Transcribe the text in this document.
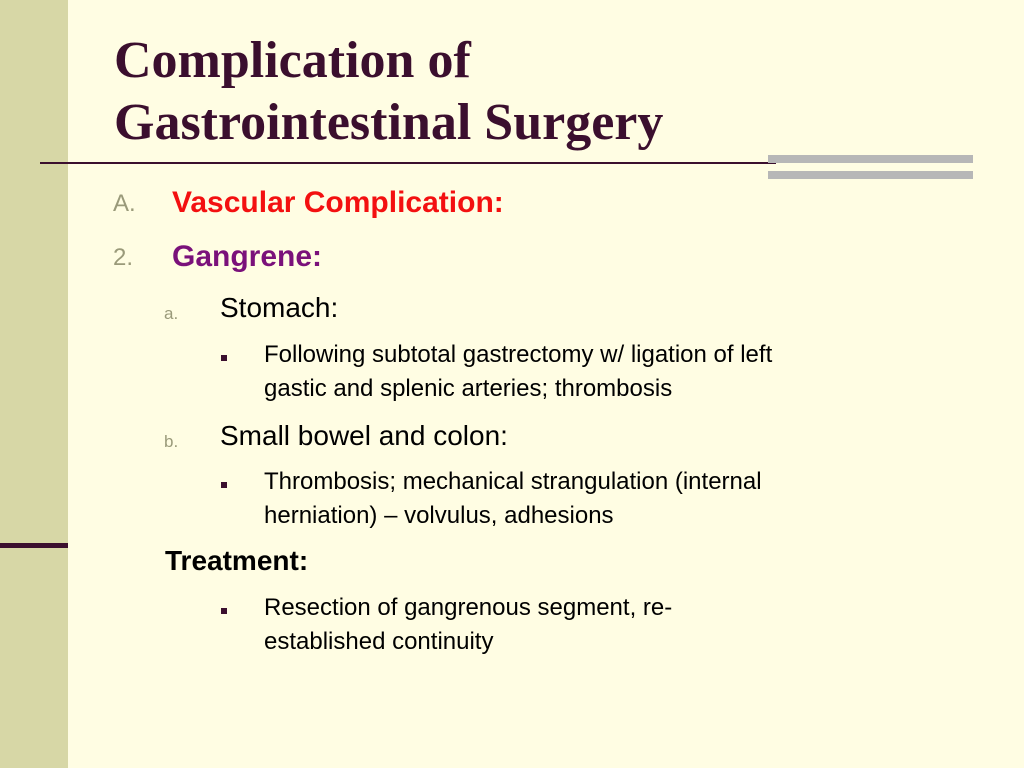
Complication of
Gastrointestinal Surgery
A. Vascular Complication:
2. Gangrene:
a. Stomach:
Following subtotal gastrectomy w/ ligation of left
gastic and splenic arteries; thrombosis
b. Small bowel and colon:
Thrombosis; mechanical strangulation (internal
herniation) – volvulus, adhesions
Treatment:
Resection of gangrenous segment, re-
established continuity
